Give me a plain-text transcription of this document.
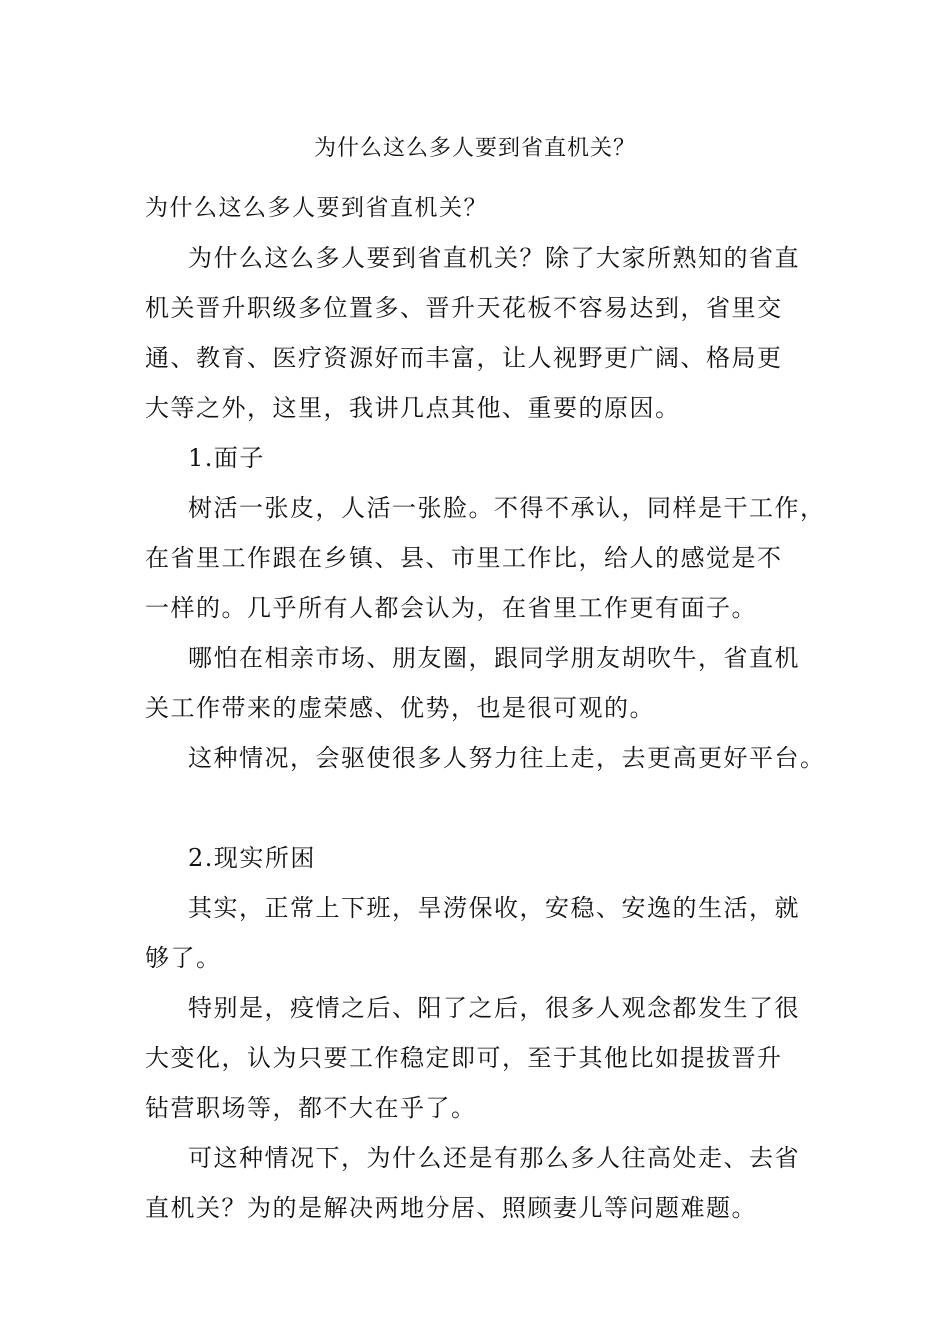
为什么这么多人要到省直机关？
为什么这么多人要到省直机关？
为什么这么多人要到省直机关？除了大家所熟知的省直
机关晋升职级多位置多、晋升天花板不容易达到，省里交
通、教育、医疗资源好而丰富，让人视野更广阔、格局更
大等之外，这里，我讲几点其他、重要的原因。
1.面子
树活一张皮，人活一张脸。不得不承认，同样是干工作，
在省里工作跟在乡镇、县、市里工作比，给人的感觉是不
一样的。几乎所有人都会认为，在省里工作更有面子。
哪怕在相亲市场、朋友圈，跟同学朋友胡吹牛，省直机
关工作带来的虚荣感、优势，也是很可观的。
这种情况，会驱使很多人努力往上走，去更高更好平台。
2.现实所困
其实，正常上下班，旱涝保收，安稳、安逸的生活，就
够了。
特别是，疫情之后、阳了之后，很多人观念都发生了很
大变化，认为只要工作稳定即可，至于其他比如提拔晋升
钻营职场等，都不大在乎了。
可这种情况下，为什么还是有那么多人往高处走、去省
直机关？为的是解决两地分居、照顾妻儿等问题难题。
